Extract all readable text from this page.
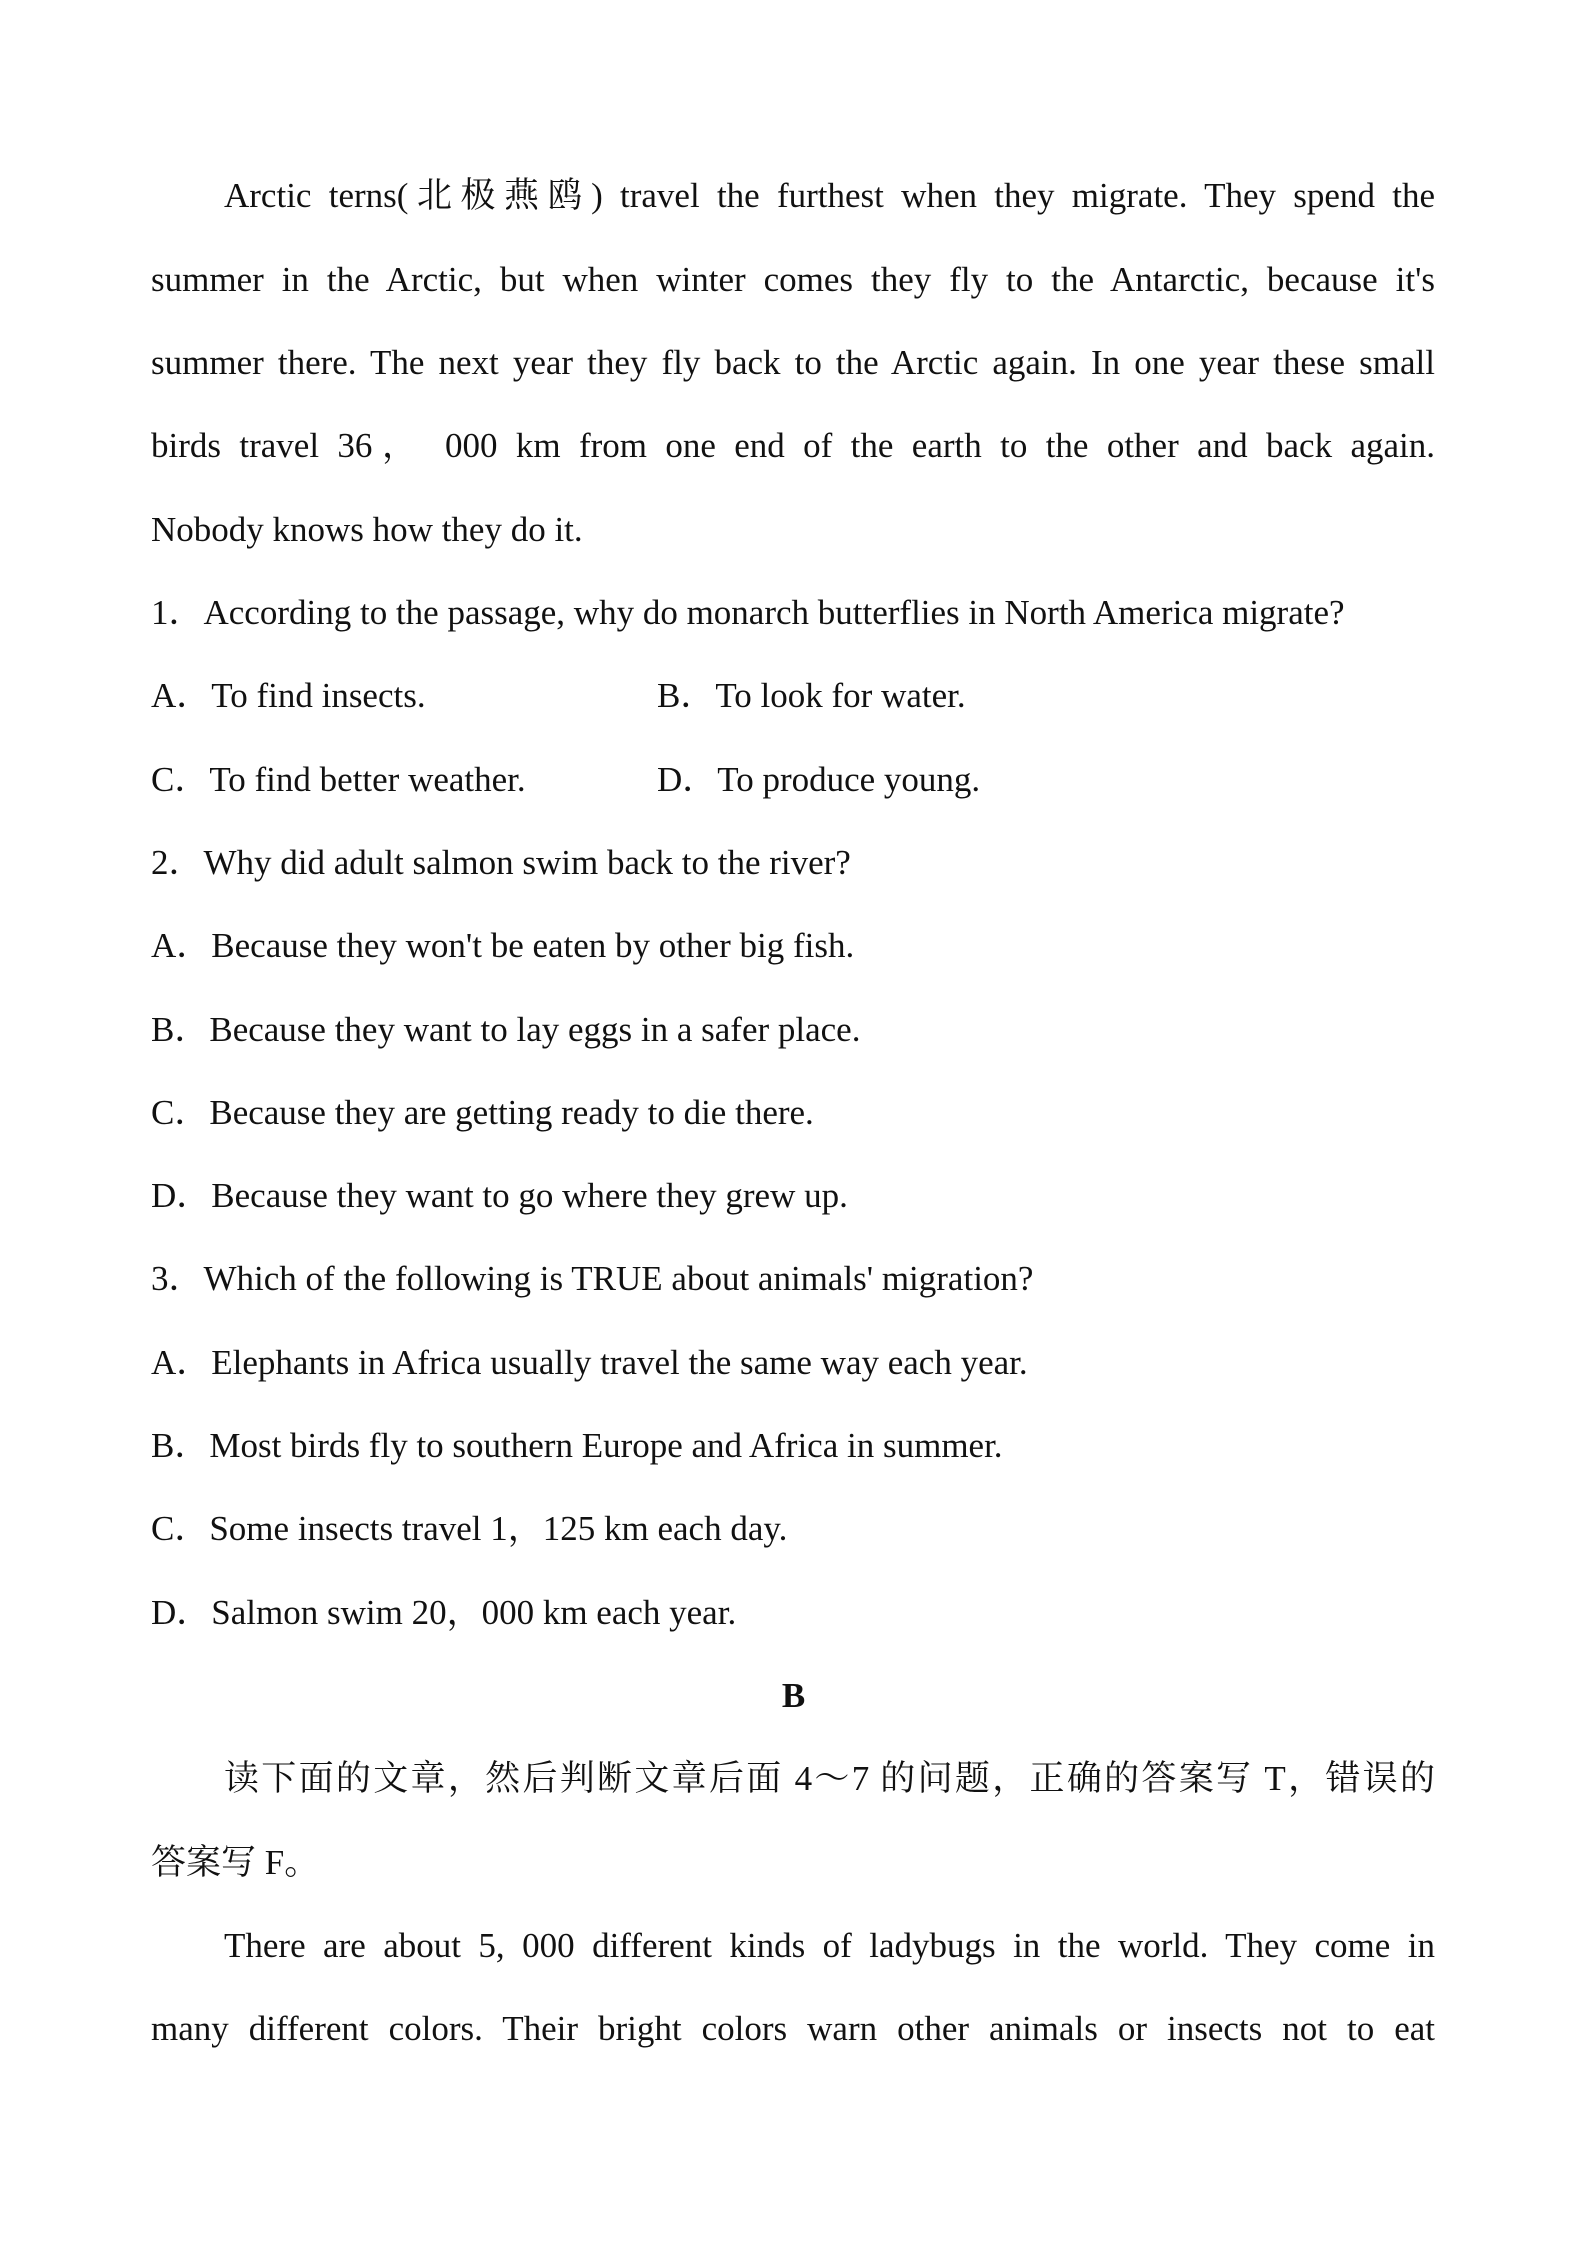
Arctic terns(北极燕鸥) travel the furthest when they migrate. They spend the
summer in the Arctic, but when winter comes they fly to the Antarctic, because it's
summer there. The next year they fly back to the Arctic again. In one year these small
birds travel 36， 000 km from one end of the earth to the other and back again.
Nobody knows how they do it.
1．According to the passage, why do monarch butterflies in North America migrate?
A．To find insects.	B．To look for water.
C．To find better weather.	D．To produce young.
2．Why did adult salmon swim back to the river?
A．Because they won't be eaten by other big fish.
B．Because they want to lay eggs in a safer place.
C．Because they are getting ready to die there.
D．Because they want to go where they grew up.
3．Which of the following is TRUE about animals' migration?
A．Elephants in Africa usually travel the same way each year.
B．Most birds fly to southern Europe and Africa in summer.
C．Some insects travel 1，125 km each day.
D．Salmon swim 20，000 km each year.
B
读下面的文章，然后判断文章后面 4～7 的问题，正确的答案写 T，错误的
答案写 F。
There are about 5, 000 different kinds of ladybugs in the world. They come in
many different colors. Their bright colors warn other animals or insects not to eat
